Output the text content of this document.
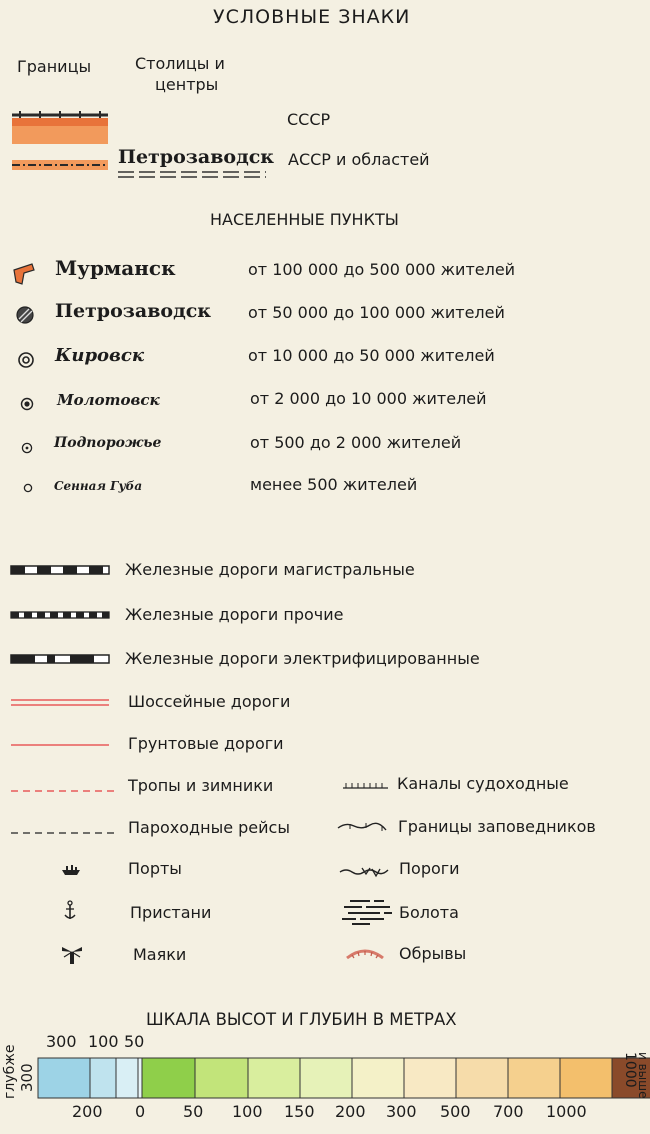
УСЛОВНЫЕ ЗНАКИ
Границы	Столицы и
центры
СССР
Петрозаводск АССР и областей
НАСЕЛЕННЫЕ ПУНКТЫ
Мурманск	от 100 000 до 500 000 жителей
Петрозаводск от 50 000 до 100 000 жителей
Кировск	от 10 000 до 50 000 жителей
Молотовск	от 2 000 до 10 000 жителей
Подпорожье	от 500 до 2 000 жителей
Сенная Губа	менее 500 жителей
Железные дороги магистральные
Железные дороги прочие
Железные дороги электрифицированные
Шоссейные дороги
Грунтовые дороги
Тропы и зимники
Пароходные рейсы
Каналы судоходные
Границы заповедников
Порты
Пристани
Маяки
Пороги
Болота
Обрывы
ШКАЛА ВЫСОТ И ГЛУБИН В МЕТРАХ
300 100 50
глубже 300
200 0 50 100 150 200 300 500 700 1000
1000
и выше
